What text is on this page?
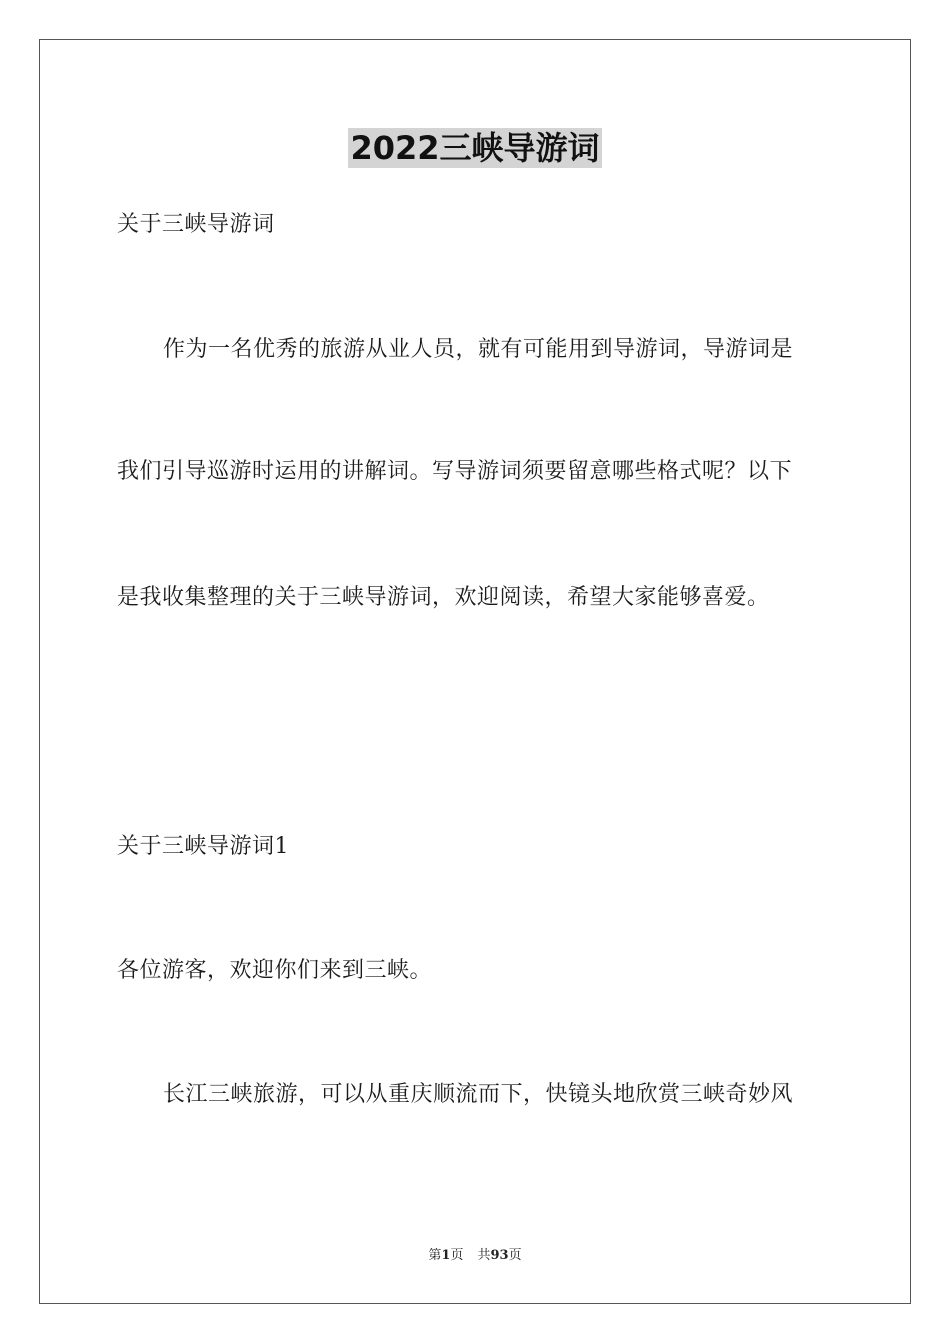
2022三峡导游词
关于三峡导游词
作为一名优秀的旅游从业人员，就有可能用到导游词，导游词是
我们引导巡游时运用的讲解词。写导游词须要留意哪些格式呢？以下
是我收集整理的关于三峡导游词，欢迎阅读，希望大家能够喜爱。
关于三峡导游词1
各位游客，欢迎你们来到三峡。
长江三峡旅游，可以从重庆顺流而下，快镜头地欣赏三峡奇妙风
第1页 共93页
